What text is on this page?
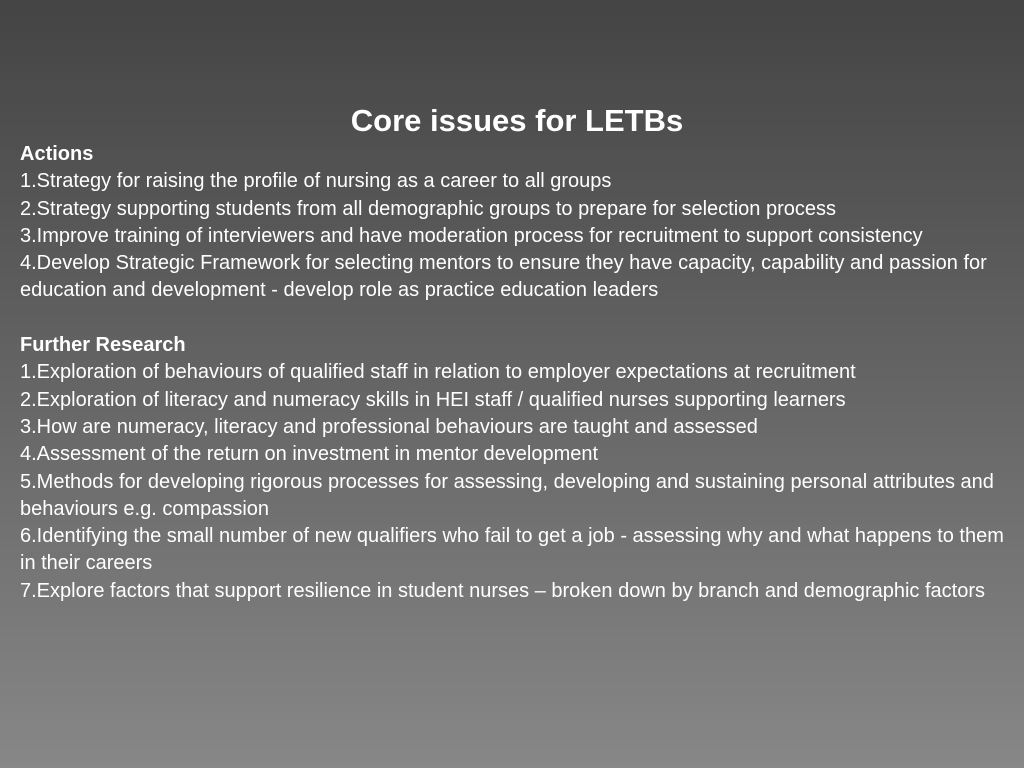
Core issues for LETBs
Actions
1.Strategy for raising the profile of nursing as a career to all groups
2.Strategy supporting students from all demographic groups to prepare for selection process
3.Improve training of interviewers and have moderation process for recruitment to support consistency
4.Develop Strategic Framework for selecting mentors to ensure they have capacity, capability and passion for education and development - develop role as practice education leaders
Further Research
1.Exploration of behaviours of qualified staff in relation to employer expectations at recruitment
2.Exploration of literacy and numeracy skills in HEI staff / qualified nurses supporting learners
3.How are numeracy, literacy and professional behaviours are taught and assessed
4.Assessment of the return on investment in mentor development
5.Methods for developing rigorous processes for assessing, developing and sustaining personal attributes and behaviours e.g. compassion
6.Identifying the small number of new qualifiers who fail to get a job - assessing why and what happens to them in their careers
7.Explore factors that support resilience in student nurses – broken down by branch and demographic factors
